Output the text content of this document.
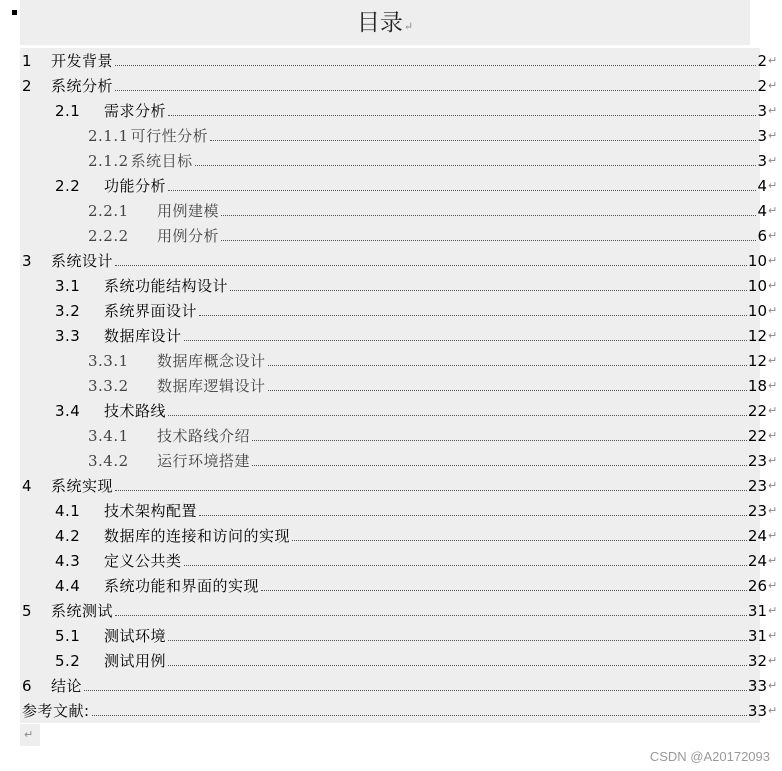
目录↵
1	开发背景	2 ↵
2	系统分析	2 ↵
2.1	需求分析	3 ↵
2.1.1 可行性分析	3 ↵
2.1.2 系统目标	3 ↵
2.2	功能分析	4 ↵
2.2.1	用例建模	4 ↵
2.2.2	用例分析	6 ↵
3	系统设计	10 ↵
3.1	系统功能结构设计	10 ↵
3.2	系统界面设计	10 ↵
3.3	数据库设计	12 ↵
3.3.1	数据库概念设计	12 ↵
3.3.2	数据库逻辑设计	18 ↵
3.4	技术路线	22 ↵
3.4.1	技术路线介绍	22 ↵
3.4.2	运行环境搭建	23 ↵
4	系统实现	23 ↵
4.1	技术架构配置	23 ↵
4.2	数据库的连接和访问的实现	24 ↵
4.3	定义公共类	24 ↵
4.4	系统功能和界面的实现	26 ↵
5	系统测试	31 ↵
5.1	测试环境	31 ↵
5.2	测试用例	32 ↵
6	结论	33 ↵
参考文献:	33 ↵
↵
CSDN @A20172093
